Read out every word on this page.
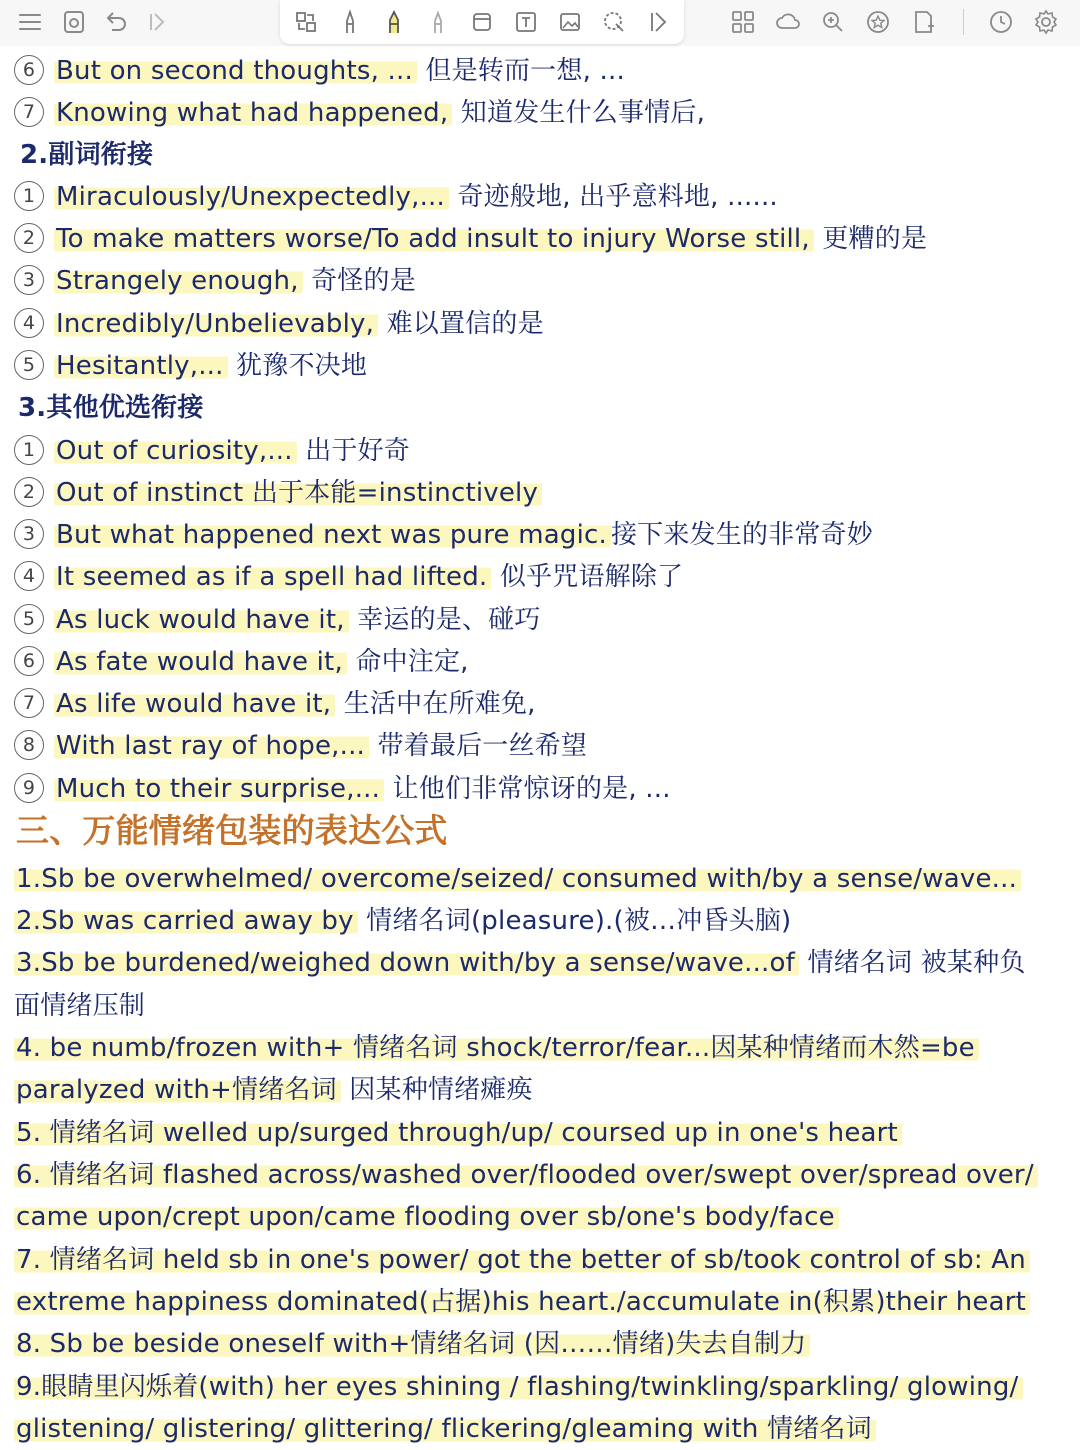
6 But on second thoughts, ... 但是转而一想, ...
7 Knowing what had happened, 知道发生什么事情后,
2.副词衔接
1 Miraculously/Unexpectedly,... 奇迹般地, 出乎意料地, ......
2 To make matters worse/To add insult to injury Worse still, 更糟的是
3 Strangely enough, 奇怪的是
4 Incredibly/Unbelievably, 难以置信的是
5 Hesitantly,... 犹豫不决地
3.其他优选衔接
1 Out of curiosity,... 出于好奇
2 Out of instinct 出于本能=instinctively
3 But what happened next was pure magic. 接下来发生的非常奇妙
4 It seemed as if a spell had lifted. 似乎咒语解除了
5 As luck would have it, 幸运的是、碰巧
6 As fate would have it, 命中注定,
7 As life would have it, 生活中在所难免,
8 With last ray of hope,... 带着最后一丝希望
9 Much to their surprise,... 让他们非常惊讶的是, ...
三、万能情绪包装的表达公式
1.Sb be overwhelmed/ overcome/seized/ consumed with/by a sense/wave...
2.Sb was carried away by 情绪名词(pleasure).(被…冲昏头脑)
3.Sb be burdened/weighed down with/by a sense/wave...of 情绪名词 被某种负
面情绪压制
4. be numb/frozen with+ 情绪名词 shock/terror/fear...因某种情绪而木然=be
paralyzed with+情绪名词 因某种情绪瘫痪
5. 情绪名词 welled up/surged through/up/ coursed up in one's heart
6. 情绪名词 flashed across/washed over/flooded over/swept over/spread over/
came upon/crept upon/came flooding over sb/one's body/face
7. 情绪名词 held sb in one's power/ got the better of sb/took control of sb: An
extreme happiness dominated(占据)his heart./accumulate in(积累)their heart
8. Sb be beside oneself with+情绪名词 (因……情绪)失去自制力
9.眼睛里闪烁着(with) her eyes shining / flashing/twinkling/sparkling/ glowing/
glistening/ glistering/ glittering/ flickering/gleaming with 情绪名词
